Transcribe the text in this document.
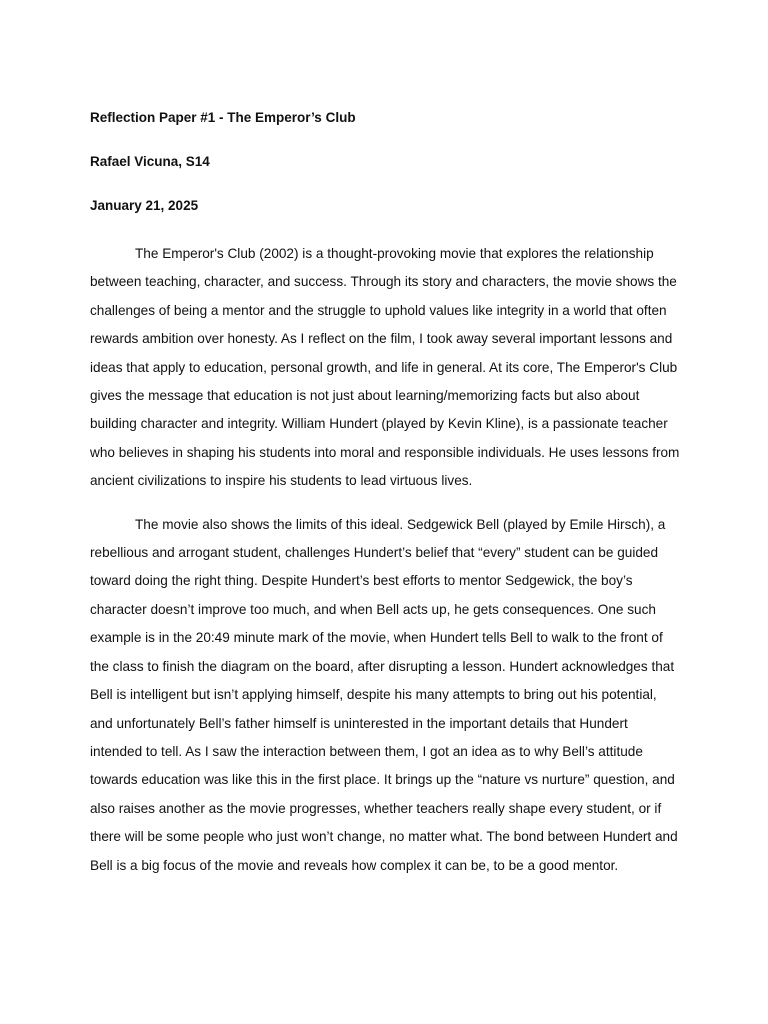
Reflection Paper #1 - The Emperor’s Club

Rafael Vicuna, S14

January 21, 2025

The Emperor's Club (2002) is a thought-provoking movie that explores the relationship between teaching, character, and success. Through its story and characters, the movie shows the challenges of being a mentor and the struggle to uphold values like integrity in a world that often rewards ambition over honesty. As I reflect on the film, I took away several important lessons and ideas that apply to education, personal growth, and life in general. At its core, The Emperor's Club gives the message that education is not just about learning/memorizing facts but also about building character and integrity. William Hundert (played by Kevin Kline), is a passionate teacher who believes in shaping his students into moral and responsible individuals. He uses lessons from ancient civilizations to inspire his students to lead virtuous lives.

The movie also shows the limits of this ideal. Sedgewick Bell (played by Emile Hirsch), a rebellious and arrogant student, challenges Hundert’s belief that “every” student can be guided toward doing the right thing. Despite Hundert’s best efforts to mentor Sedgewick, the boy’s character doesn’t improve too much, and when Bell acts up, he gets consequences. One such example is in the 20:49 minute mark of the movie, when Hundert tells Bell to walk to the front of the class to finish the diagram on the board, after disrupting a lesson. Hundert acknowledges that Bell is intelligent but isn’t applying himself, despite his many attempts to bring out his potential, and unfortunately Bell’s father himself is uninterested in the important details that Hundert intended to tell. As I saw the interaction between them, I got an idea as to why Bell’s attitude towards education was like this in the first place. It brings up the “nature vs nurture” question, and also raises another as the movie progresses, whether teachers really shape every student, or if there will be some people who just won’t change, no matter what. The bond between Hundert and Bell is a big focus of the movie and reveals how complex it can be, to be a good mentor.
